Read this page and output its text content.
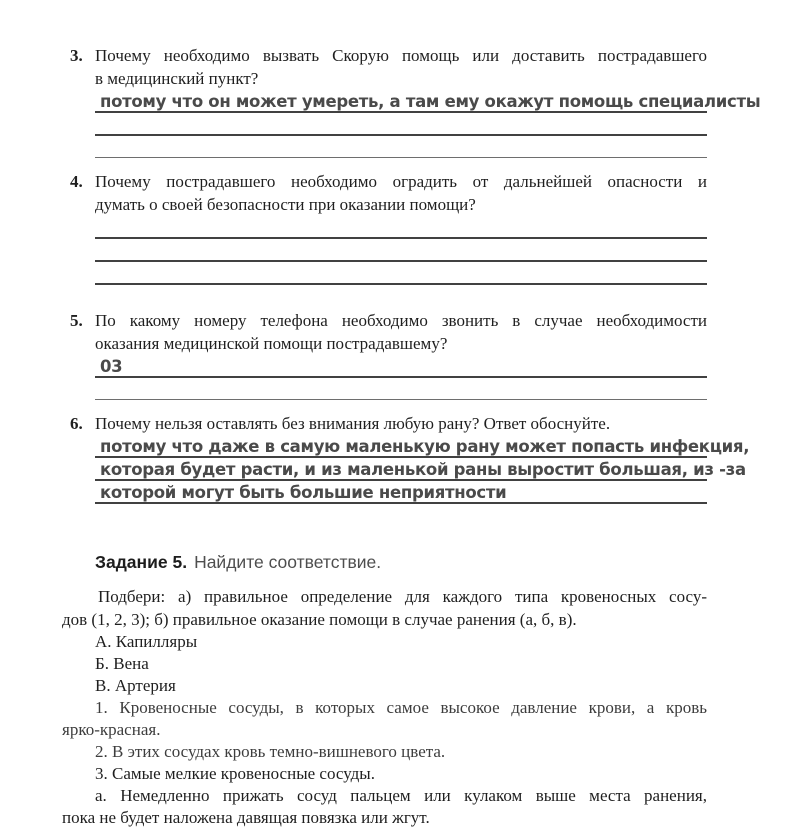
3. Почему необходимо вызвать Скорую помощь или доставить пострадавшего
в медицинский пункт?
потому что он может умереть, а там ему окажут помощь специалисты
4. Почему пострадавшего необходимо оградить от дальнейшей опасности и
думать о своей безопасности при оказании помощи?
5. По какому номеру телефона необходимо звонить в случае необходимости
оказания медицинской помощи пострадавшему?
03
6. Почему нельзя оставлять без внимания любую рану? Ответ обоснуйте.
потому что даже в самую маленькую рану может попасть инфекция,
которая будет расти, и из маленькой раны выростит большая, из -за
которой могут быть большие неприятности
Задание 5. Найдите соответствие.

Подбери: а) правильное определение для каждого типа кровеносных сосу-
дов (1, 2, 3); б) правильное оказание помощи в случае ранения (а, б, в).

А. Капилляры
Б. Вена
В. Артерия
1. Кровеносные сосуды, в которых самое высокое давление крови, а кровь
ярко-красная.
2. В этих сосудах кровь темно-вишневого цвета.
3. Самые мелкие кровеносные сосуды.
а. Немедленно прижать сосуд пальцем или кулаком выше места ранения,
пока не будет наложена давящая повязка или жгут.
